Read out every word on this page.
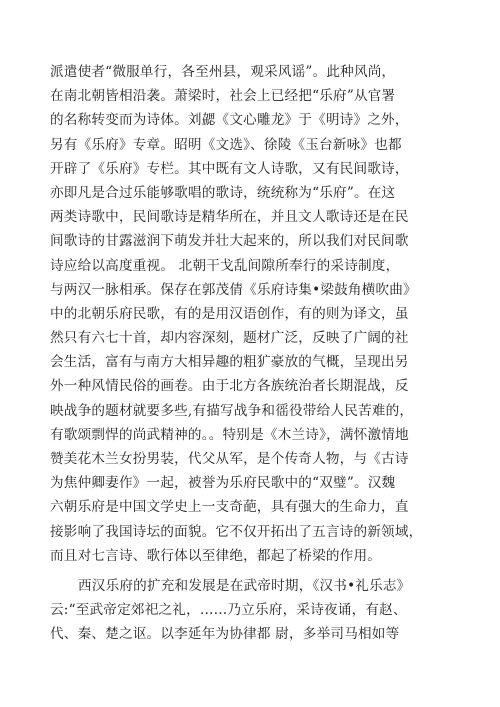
派遣使者“微服单行，各至州县，观采风谣”。此种风尚，
在南北朝皆相沿袭。萧梁时，社会上已经把“乐府”从官署
的名称转变而为诗体。刘勰《文心雕龙》于《明诗》之外，
另有《乐府》专章。昭明《文选》、徐陵《玉台新咏》也都
开辟了《乐府》专栏。其中既有文人诗歌，又有民间歌诗，
亦即凡是合过乐能够歌唱的歌诗，统统称为“乐府”。在这
两类诗歌中，民间歌诗是精华所在，并且文人歌诗还是在民
间歌诗的甘露滋润下萌发并壮大起来的，所以我们对民间歌
诗应给以高度重视。 北朝干戈乱间隙所奉行的采诗制度，
与两汉一脉相承。保存在郭茂倩《乐府诗集•梁鼓角横吹曲》
中的北朝乐府民歌，有的是用汉语创作，有的则为译文，虽
然只有六七十首，却内容深刻，题材广泛，反映了广阔的社
会生活，富有与南方大相异趣的粗犷豪放的气概，呈现出另
外一种风情民俗的画卷。由于北方各族统治者长期混战，反
映战争的题材就要多些,有描写战争和徭役带给人民苦难的，
有歌颂剽悍的尚武精神的。。特别是《木兰诗》，满怀激情地
赞美花木兰女扮男装，代父从军，是个传奇人物，与《古诗
为焦仲卿妻作》一起，被誉为乐府民歌中的“双璧”。汉魏
六朝乐府是中国文学史上一支奇葩，具有强大的生命力，直
接影响了我国诗坛的面貌。它不仅开拓出了五言诗的新领域，
而且对七言诗、歌行体以至律绝，都起了桥梁的作用。
西汉乐府的扩充和发展是在武帝时期，《汉书•礼乐志》
云:“至武帝定郊祀之礼，……乃立乐府，采诗夜诵，有赵、
代、秦、楚之讴。以李延年为协律都 尉，多举司马相如等
